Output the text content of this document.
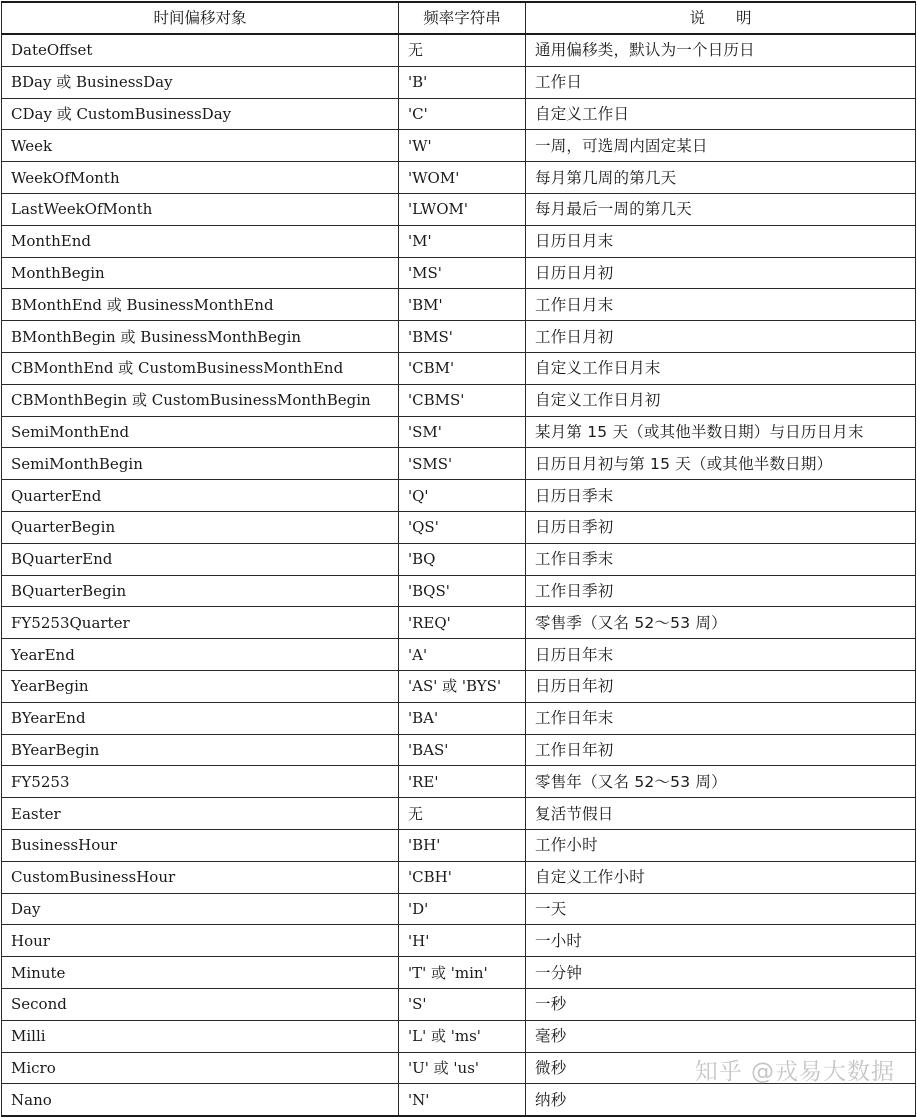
时间偏移对象	频率字符串	说　　明
DateOffset	无	通用偏移类，默认为一个日历日
BDay 或 BusinessDay	'B'	工作日
CDay 或 CustomBusinessDay	'C'	自定义工作日
Week	'W'	一周，可选周内固定某日
WeekOfMonth	'WOM'	每月第几周的第几天
LastWeekOfMonth	'LWOM'	每月最后一周的第几天
MonthEnd	'M'	日历日月末
MonthBegin	'MS'	日历日月初
BMonthEnd 或 BusinessMonthEnd	'BM'	工作日月末
BMonthBegin 或 BusinessMonthBegin	'BMS'	工作日月初
CBMonthEnd 或 CustomBusinessMonthEnd	'CBM'	自定义工作日月末
CBMonthBegin 或 CustomBusinessMonthBegin	'CBMS'	自定义工作日月初
SemiMonthEnd	'SM'	某月第 15 天（或其他半数日期）与日历日月末
SemiMonthBegin	'SMS'	日历日月初与第 15 天（或其他半数日期）
QuarterEnd	'Q'	日历日季末
QuarterBegin	'QS'	日历日季初
BQuarterEnd	'BQ	工作日季末
BQuarterBegin	'BQS'	工作日季初
FY5253Quarter	'REQ'	零售季（又名 52～53 周）
YearEnd	'A'	日历日年末
YearBegin	'AS' 或 'BYS'	日历日年初
BYearEnd	'BA'	工作日年末
BYearBegin	'BAS'	工作日年初
FY5253	'RE'	零售年（又名 52～53 周）
Easter	无	复活节假日
BusinessHour	'BH'	工作小时
CustomBusinessHour	'CBH'	自定义工作小时
Day	'D'	一天
Hour	'H'	一小时
Minute	'T' 或 'min'	一分钟
Second	'S'	一秒
Milli	'L' 或 'ms'	毫秒
Micro	'U' 或 'us'	微秒
Nano	'N'	纳秒
知乎 @戎易大数据
